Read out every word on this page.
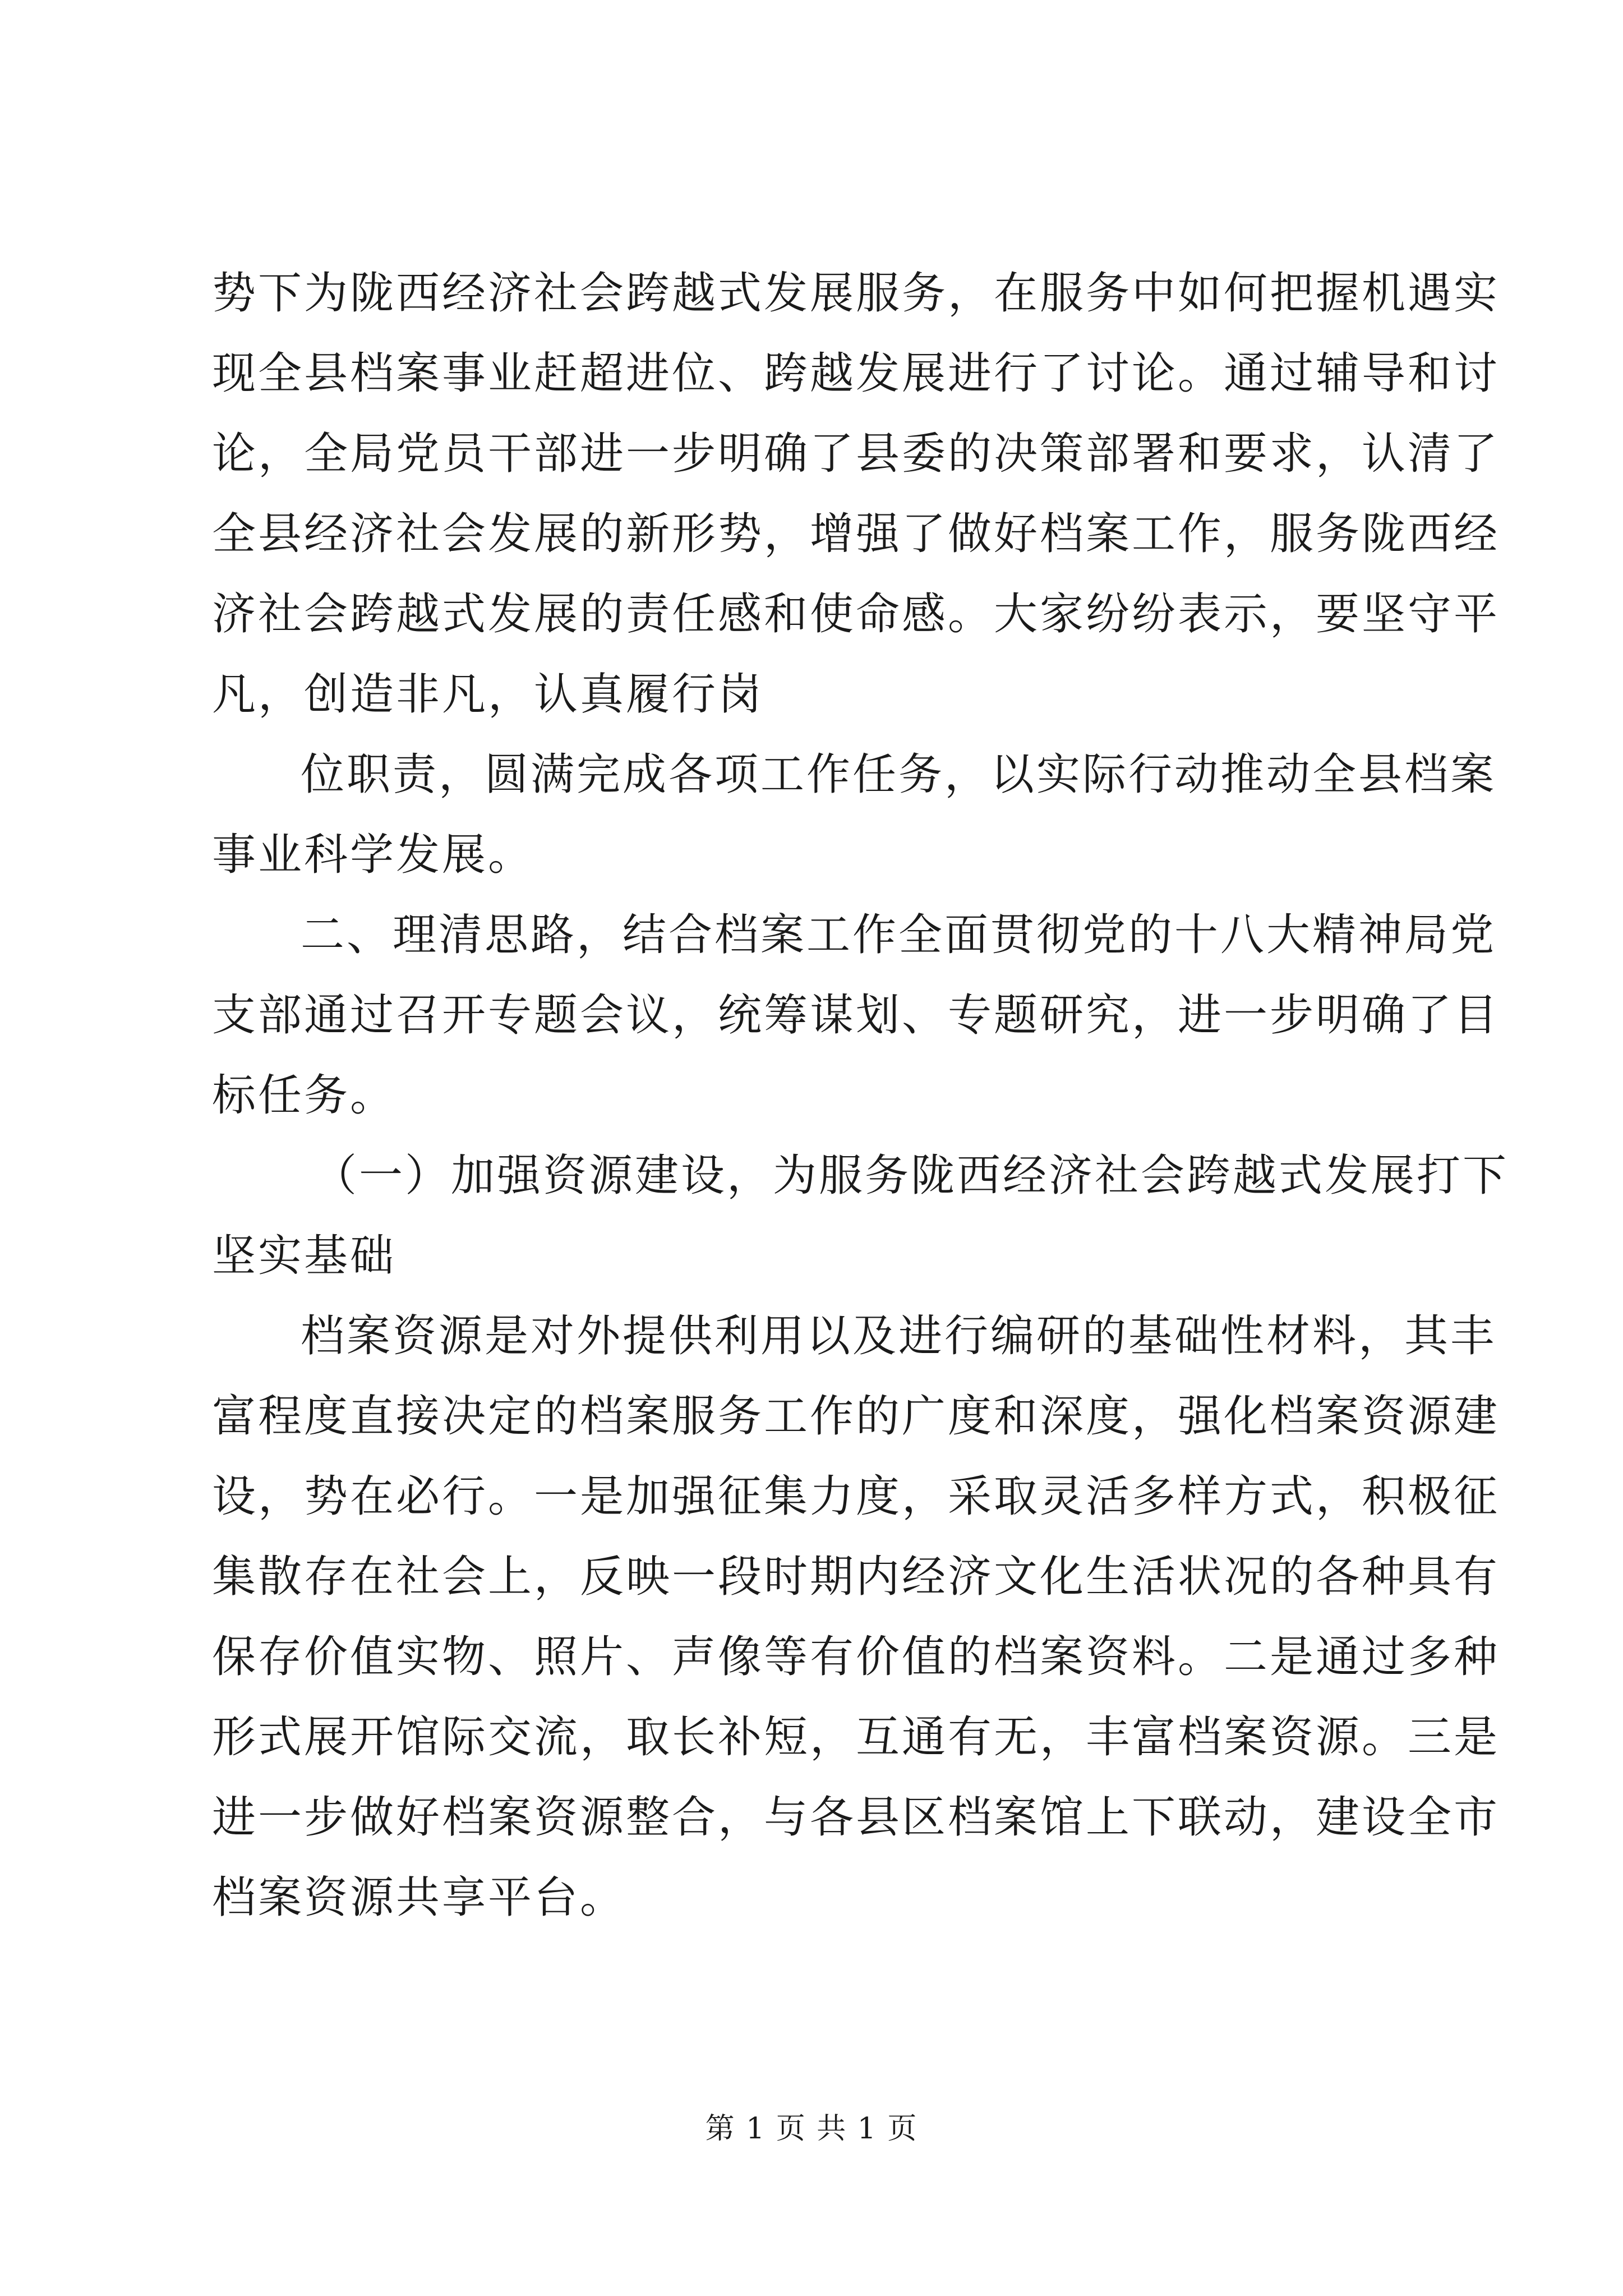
势下为陇西经济社会跨越式发展服务，在服务中如何把握机遇实
现全县档案事业赶超进位、跨越发展进行了讨论。通过辅导和讨
论，全局党员干部进一步明确了县委的决策部署和要求，认清了
全县经济社会发展的新形势，增强了做好档案工作，服务陇西经
济社会跨越式发展的责任感和使命感。大家纷纷表示，要坚守平
凡，创造非凡，认真履行岗
位职责，圆满完成各项工作任务，以实际行动推动全县档案
事业科学发展。
二、理清思路，结合档案工作全面贯彻党的十八大精神局党
支部通过召开专题会议，统筹谋划、专题研究，进一步明确了目
标任务。
（一）加强资源建设，为服务陇西经济社会跨越式发展打下
坚实基础
档案资源是对外提供利用以及进行编研的基础性材料，其丰
富程度直接决定的档案服务工作的广度和深度，强化档案资源建
设，势在必行。一是加强征集力度，采取灵活多样方式，积极征
集散存在社会上，反映一段时期内经济文化生活状况的各种具有
保存价值实物、照片、声像等有价值的档案资料。二是通过多种
形式展开馆际交流，取长补短，互通有无，丰富档案资源。三是
进一步做好档案资源整合，与各县区档案馆上下联动，建设全市
档案资源共享平台。
第 1 页 共 1 页
